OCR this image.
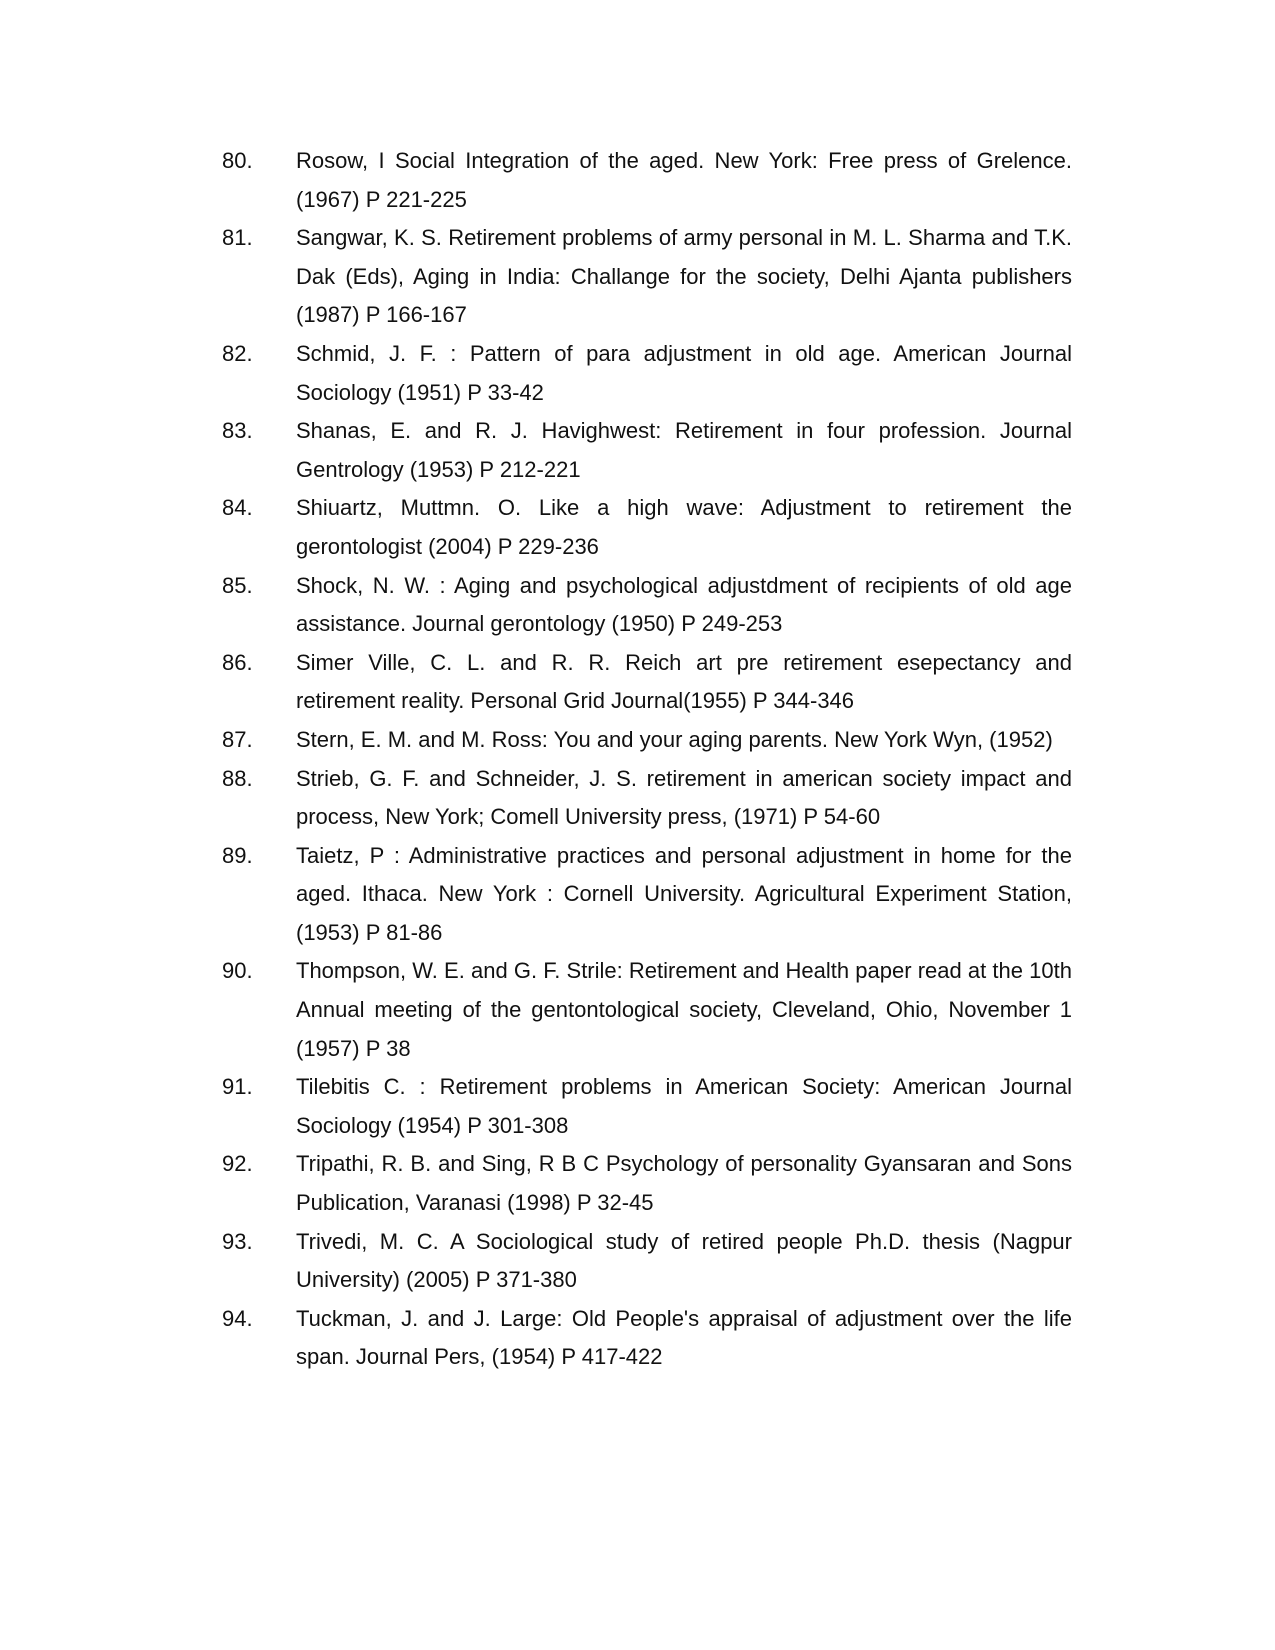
80.	Rosow, I Social Integration of the aged. New York: Free press of Grelence. (1967) P 221-225
81.	Sangwar, K. S. Retirement problems of army personal in M. L. Sharma and T.K. Dak (Eds), Aging in India: Challange for the society, Delhi Ajanta publishers (1987) P 166-167
82.	Schmid, J. F. : Pattern of para adjustment in old age. American Journal Sociology (1951) P 33-42
83.	Shanas, E. and R. J. Havighwest: Retirement in four profession. Journal Gentrology (1953) P 212-221
84.	Shiuartz, Muttmn. O. Like a high wave: Adjustment to retirement the gerontologist (2004) P 229-236
85.	Shock, N. W. : Aging and psychological adjustdment of recipients of old age assistance. Journal gerontology (1950) P 249-253
86.	Simer Ville, C. L. and R. R. Reich art pre retirement esepectancy and retirement reality. Personal Grid Journal(1955) P 344-346
87.	Stern, E. M. and M. Ross: You and your aging parents. New York Wyn, (1952)
88.	Strieb, G. F. and Schneider, J. S. retirement in american society impact and process, New York; Comell University press, (1971) P 54-60
89.	Taietz, P : Administrative practices and personal adjustment in home for the aged. Ithaca. New York : Cornell University. Agricultural Experiment Station, (1953) P 81-86
90.	Thompson, W. E. and G. F. Strile: Retirement and Health paper read at the 10th Annual meeting of the gentontological society, Cleveland, Ohio, November 1 (1957) P 38
91.	Tilebitis C. : Retirement problems in American Society: American Journal Sociology (1954) P 301-308
92.	Tripathi, R. B. and Sing, R B C Psychology of personality Gyansaran and Sons Publication, Varanasi (1998) P 32-45
93.	Trivedi, M. C. A Sociological study of retired people Ph.D. thesis (Nagpur University) (2005) P 371-380
94.	Tuckman, J. and J. Large: Old People's appraisal of adjustment over the life span. Journal Pers, (1954) P 417-422
